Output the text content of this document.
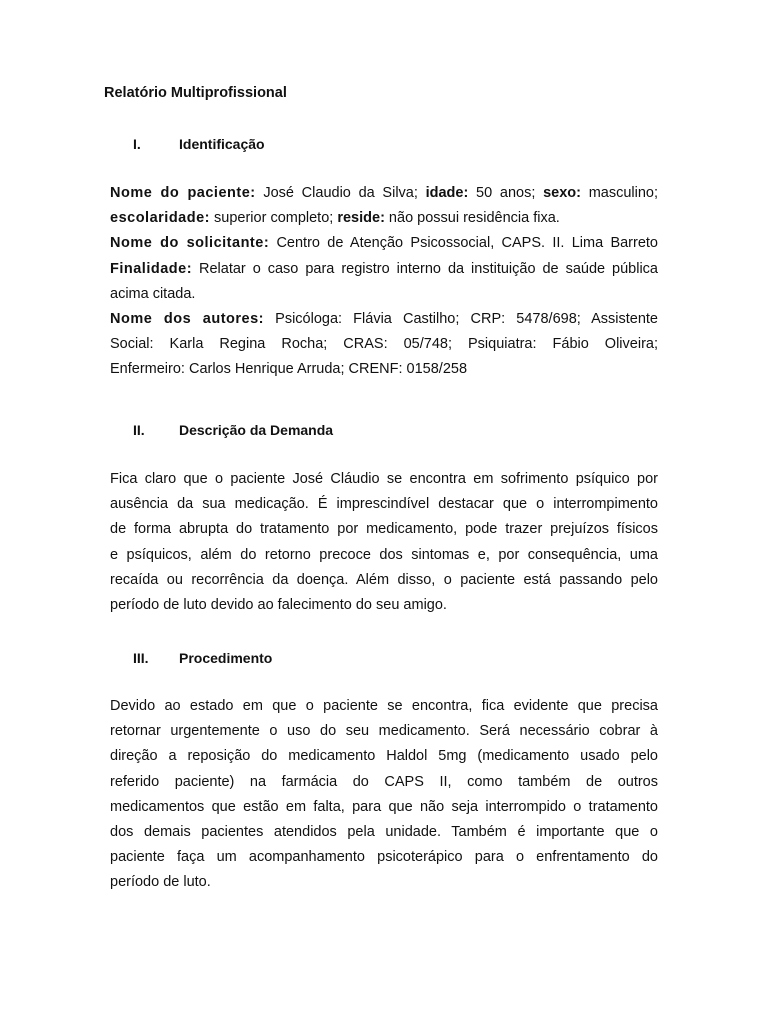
Relatório Multiprofissional
I.	Identificação
Nome do paciente: José Claudio da Silva; idade: 50 anos; sexo: masculino;
escolaridade: superior completo; reside: não possui residência fixa.
Nome do solicitante: Centro de Atenção Psicossocial, CAPS. II. Lima Barreto
Finalidade: Relatar o caso para registro interno da instituição de saúde pública
acima citada.
Nome dos autores: Psicóloga: Flávia Castilho; CRP: 5478/698; Assistente
Social: Karla Regina Rocha; CRAS: 05/748; Psiquiatra: Fábio Oliveira;
Enfermeiro: Carlos Henrique Arruda; CRENF: 0158/258
II. Descrição da Demanda
Fica claro que o paciente José Cláudio se encontra em sofrimento psíquico por
ausência da sua medicação. É imprescindível destacar que o interrompimento
de forma abrupta do tratamento por medicamento, pode trazer prejuízos físicos
e psíquicos, além do retorno precoce dos sintomas e, por consequência, uma
recaída ou recorrência da doença. Além disso, o paciente está passando pelo
período de luto devido ao falecimento do seu amigo.
III. Procedimento
Devido ao estado em que o paciente se encontra, fica evidente que precisa
retornar urgentemente o uso do seu medicamento. Será necessário cobrar à
direção a reposição do medicamento Haldol 5mg (medicamento usado pelo
referido paciente) na farmácia do CAPS II, como também de outros
medicamentos que estão em falta, para que não seja interrompido o tratamento
dos demais pacientes atendidos pela unidade. Também é importante que o
paciente faça um acompanhamento psicoterápico para o enfrentamento do
período de luto.
